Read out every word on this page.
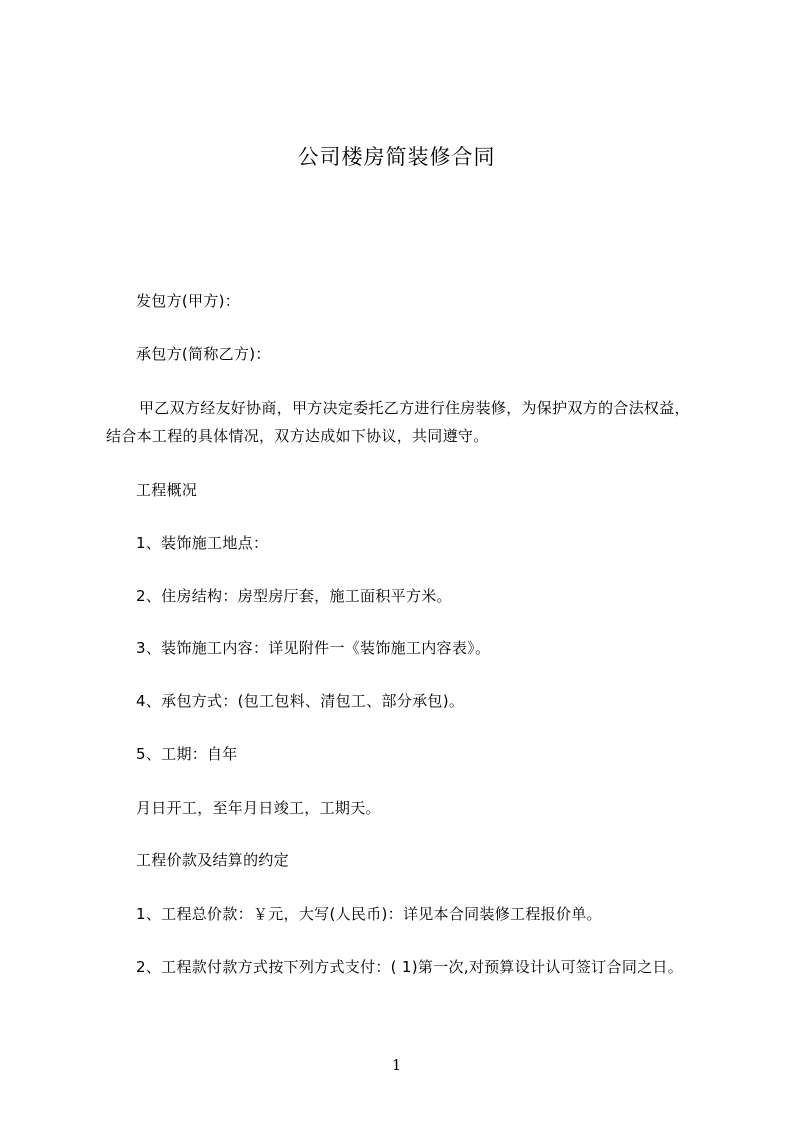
公司楼房简装修合同
发包方(甲方)：
承包方(简称乙方)：
甲乙双方经友好协商，甲方决定委托乙方进行住房装修，为保护双方的合法权益，
结合本工程的具体情况，双方达成如下协议，共同遵守。
工程概况
1、装饰施工地点：
2、住房结构：房型房厅套，施工面积平方米。
3、装饰施工内容：详见附件一《装饰施工内容表》。
4、承包方式：(包工包料、清包工、部分承包)。
5、工期：自年
月日开工，至年月日竣工，工期天。
工程价款及结算的约定
1、工程总价款：￥元，大写(人民币)：详见本合同装修工程报价单。
2、工程款付款方式按下列方式支付：( 1)第一次,对预算设计认可签订合同之日。
1
